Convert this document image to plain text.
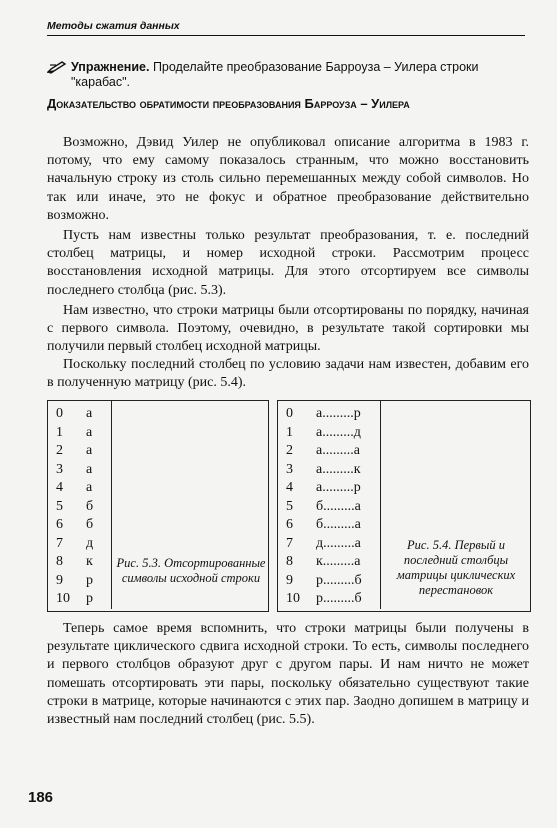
Методы сжатия данных
Упражнение. Проделайте преобразование Барроуза – Уилера строки "карабас".
Доказательство обратимости преобразования Барроуза – Уилера

Возможно, Дэвид Уилер не опубликовал описание алгоритма в 1983 г. потому, что ему самому показалось странным, что можно восстановить начальную строку из столь сильно перемешанных между собой символов. Но так или иначе, это не фокус и обратное преобразование действительно возможно.

Пусть нам известны только результат преобразования, т. е. последний столбец матрицы, и номер исходной строки. Рассмотрим процесс восстановления исходной матрицы. Для этого отсортируем все символы последнего столбца (рис. 5.3).

Нам известно, что строки матрицы были отсортированы по порядку, начиная с первого символа. Поэтому, очевидно, в результате такой сортировки мы получили первый столбец исходной матрицы.

Поскольку последний столбец по условию задачи нам известен, добавим его в полученную матрицу (рис. 5.4).

0 а
1 а
2 а
3 а
4 а
5 б
6 б
7 д
8 к
9 р
10 р
Рис. 5.3. Отсортированные символы исходной строки
0 а.........р
1 а.........д
2 а.........а
3 а.........к
4 а.........р
5 б.........а
6 б.........а
7 д.........а
8 к.........а
9 р.........б
10 р.........б
Рис. 5.4. Первый и последний столбцы матрицы циклических перестановок

Теперь самое время вспомнить, что строки матрицы были получены в результате циклического сдвига исходной строки. То есть, символы последнего и первого столбцов образуют друг с другом пары. И нам ничто не может помешать отсортировать эти пары, поскольку обязательно существуют такие строки в матрице, которые начинаются с этих пар. Заодно допишем в матрицу и известный нам последний столбец (рис. 5.5).

186
